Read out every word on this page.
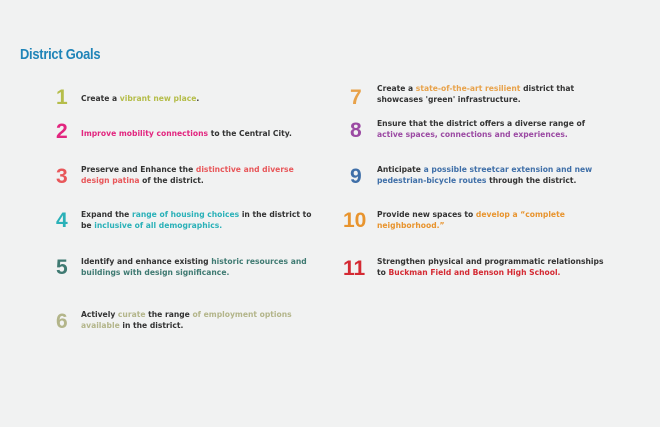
District Goals
1 Create a vibrant new place.
2 Improve mobility connections to the Central City.
3 Preserve and Enhance the distinctive and diverse
design patina of the district.
4 Expand the range of housing choices in the district to
be inclusive of all demographics.
5 Identify and enhance existing historic resources and
buildings with design significance.
6 Actively curate the range of employment options
available in the district.
7 Create a state-of-the-art resilient district that
showcases 'green' infrastructure.
8 Ensure that the district offers a diverse range of
active spaces, connections and experiences.
9 Anticipate a possible streetcar extension and new
pedestrian-bicycle routes through the district.
10 Provide new spaces to develop a “complete
neighborhood.”
11 Strengthen physical and programmatic relationships
to Buckman Field and Benson High School.
